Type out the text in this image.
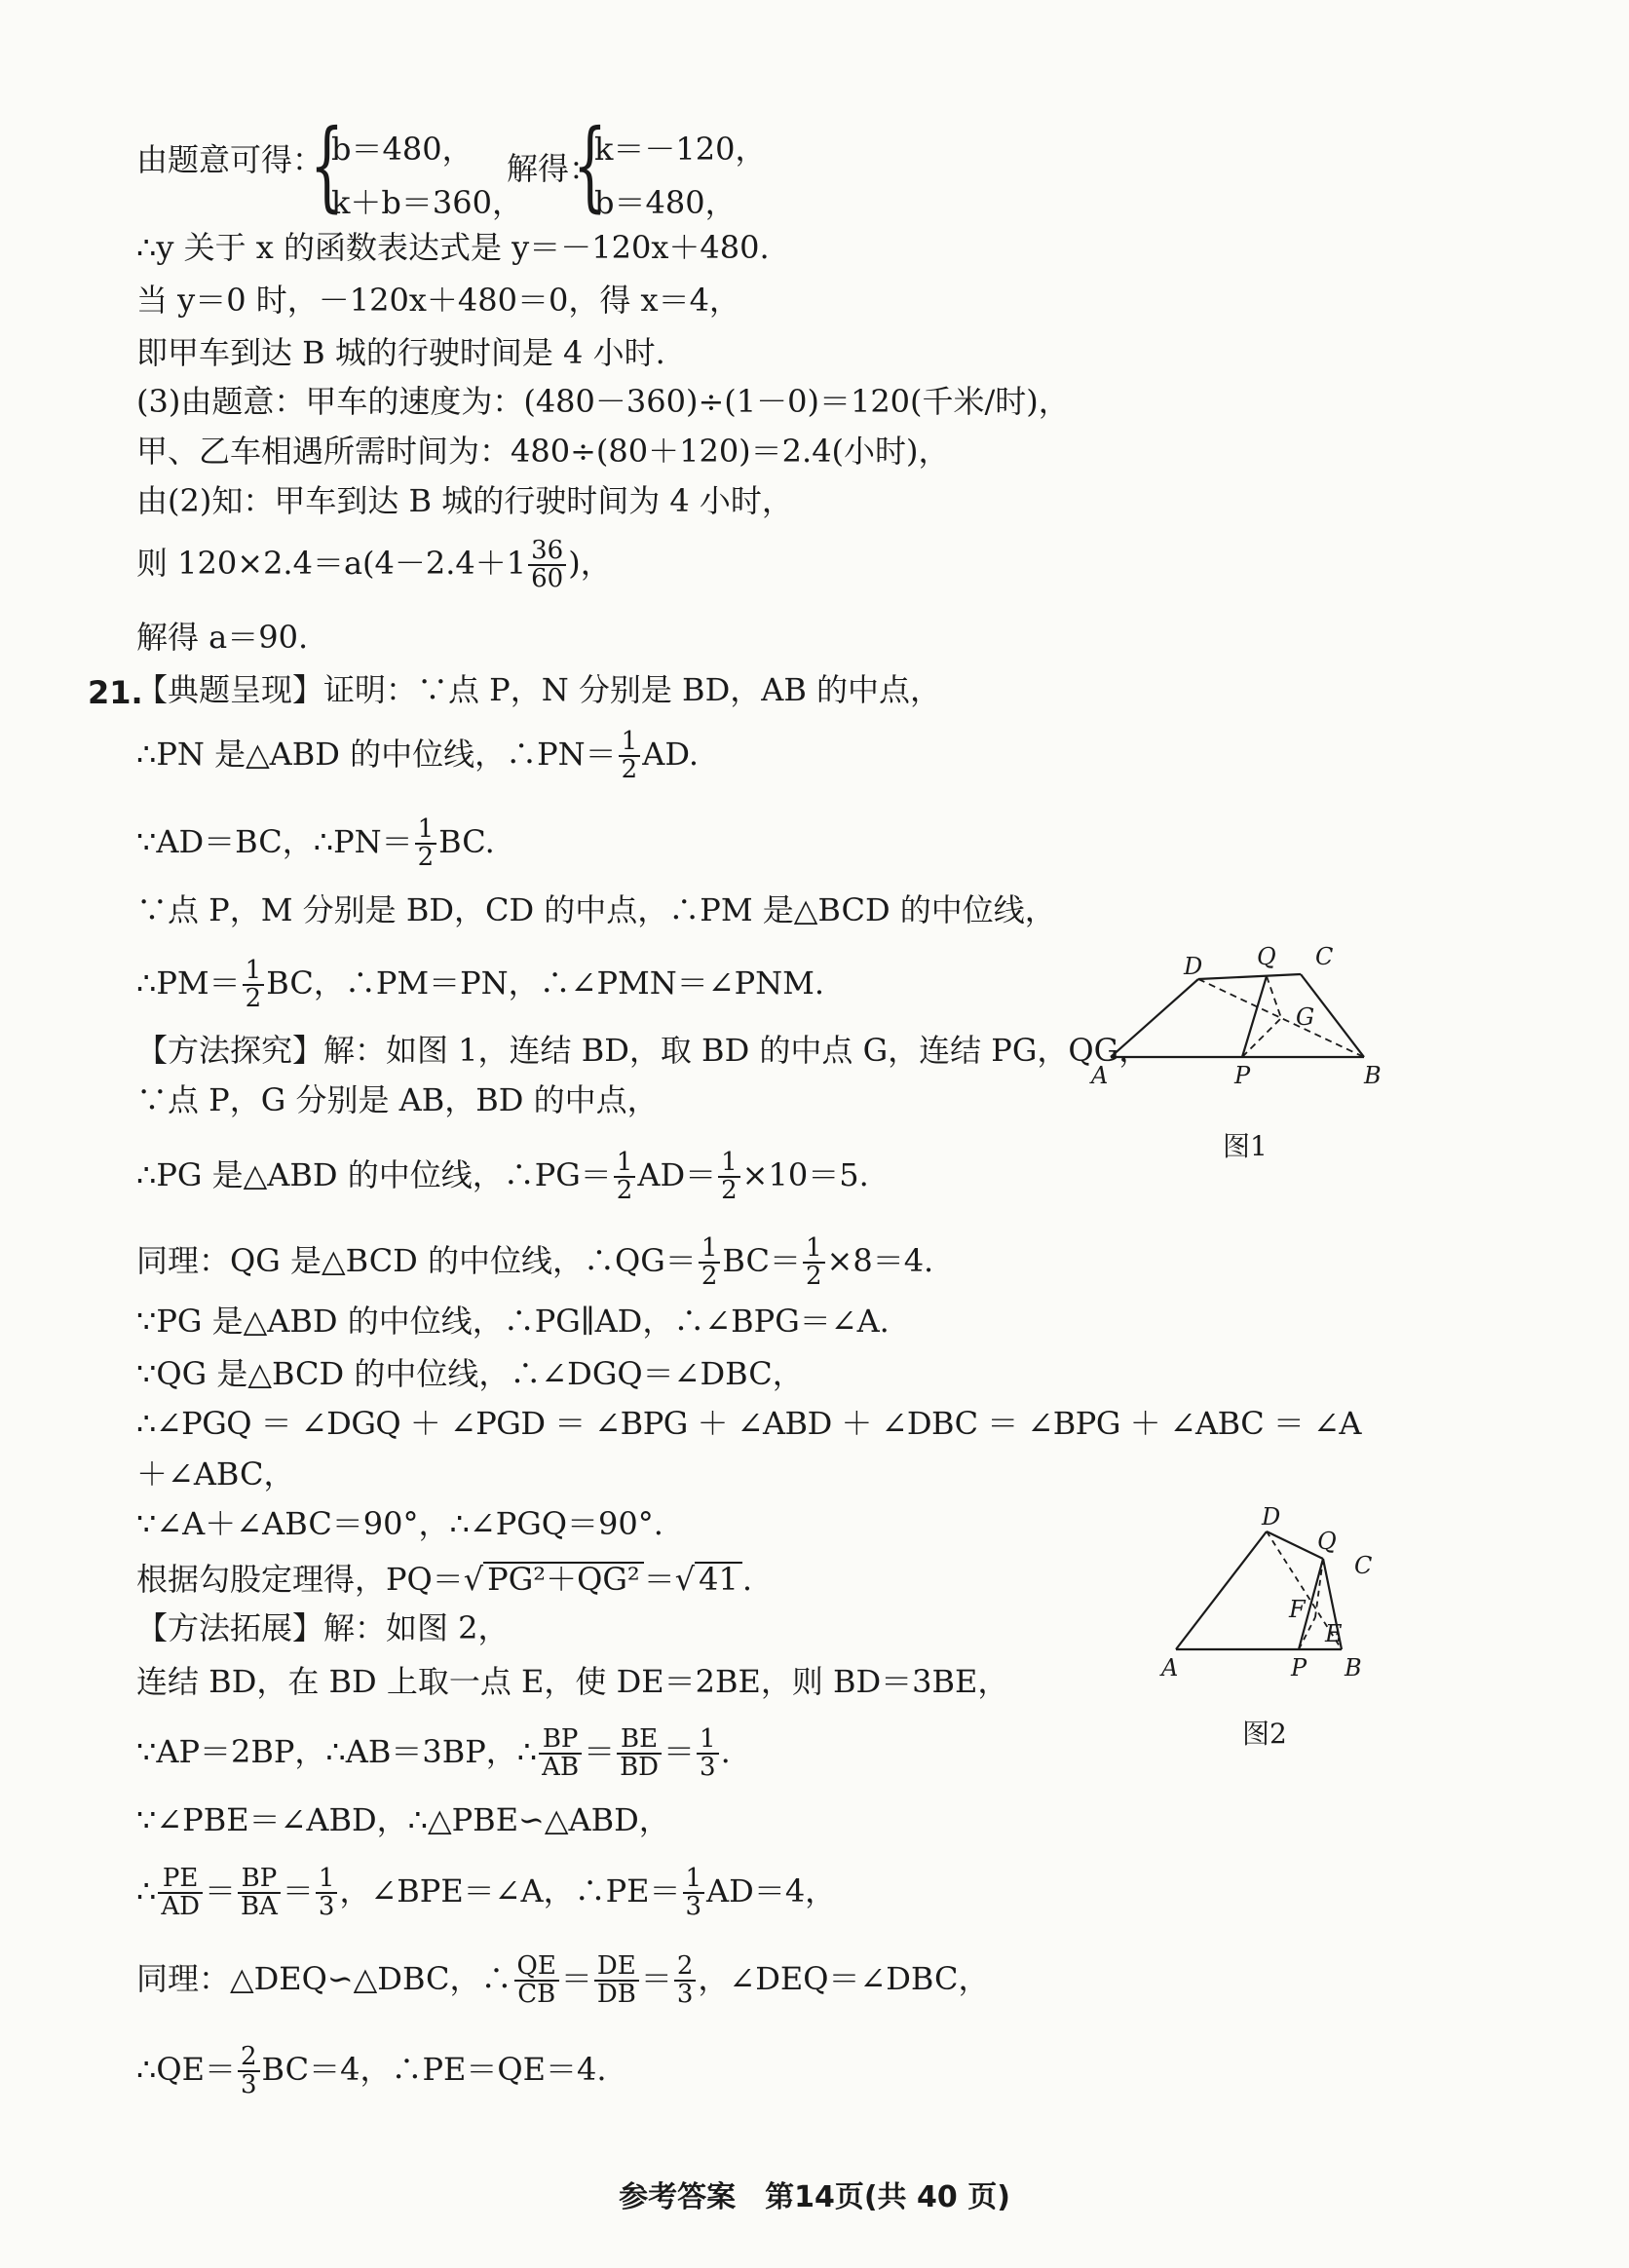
由题意可得：
{
b＝480，
k＋b＝360，
解得：
{
k＝－120，
b＝480，
∴y 关于 x 的函数表达式是 y＝－120x＋480.
当 y＝0 时，－120x＋480＝0，得 x＝4，
即甲车到达 B 城的行驶时间是 4 小时.
(3)由题意：甲车的速度为：(480－360)÷(1－0)＝120(千米/时)，
甲、乙车相遇所需时间为：480÷(80＋120)＝2.4(小时)，
由(2)知：甲车到达 B 城的行驶时间为 4 小时，
则 $120\times 2.4=a(4-2.4+1 \frac{36}{60}$ )，
解得 a＝90.
21.
【典题呈现】证明：∵点 P，N 分别是 BD，AB 的中点，
∴PN 是△ABD 的中位线，∴PN＝ $\frac{1}{2}$ AD.
∵AD＝BC，∴PN＝ $\frac{1}{2}$ BC.
∵点 P，M 分别是 BD，CD 的中点，∴PM 是△BCD 的中位线，
∴PM＝ $\frac{1}{2}$ BC，∴PM＝PN，∴∠PMN＝∠PNM.
【方法探究】解：如图 1，连结 BD，取 BD 的中点 G，连结 PG，QG，
∵点 P，G 分别是 AB，BD 的中点，
∴PG 是△ABD 的中位线，∴PG＝ $\frac{1}{2} AD= \frac{1}{2} \times 10=5$.
同理：QG 是△BCD 的中位线，∴QG＝ $\frac{1}{2} BC= \frac{1}{2} \times 8=4$.
∵PG 是△ABD 的中位线，∴PG∥AD，∴∠BPG＝∠A.
∵QG 是△BCD 的中位线，∴∠DGQ＝∠DBC，
∴∠PGQ ＝ ∠DGQ ＋ ∠PGD ＝ ∠BPG ＋ ∠ABD ＋ ∠DBC ＝ ∠BPG ＋ ∠ABC ＝ ∠A
＋∠ABC，
∵∠A＋∠ABC＝90°，∴∠PGQ＝90°.
根据勾股定理得，PQ＝√ PG²＋QG² ＝√ 41 .
【方法拓展】解：如图 2，
连结 BD，在 BD 上取一点 E，使 DE＝2BE，则 BD＝3BE，
∵AP＝2BP，∴AB＝3BP，∴ $\frac{BP}{AB} = \frac{BE}{BD} = \frac{1}{3}$ .
∵∠PBE＝∠ABD，∴△PBE∽△ABD，
∴ $\frac{PE}{AD} = \frac{BP}{BA} = \frac{1}{3}$ ，∠BPE＝∠A，∴PE＝ $\frac{1}{3} AD=4$，
同理：△DEQ∽△DBC，∴ $\frac{QE}{CB} = \frac{DE}{DB} = \frac{2}{3}$ ，∠DEQ＝∠DBC，
∴QE＝ $\frac{2}{3} BC=4$，∴PE＝QE＝4.
D Q C
G
A	P	B
图1
D
Q
C
F
E
A	P B
图2
参考答案　第14页(共 40 页)
